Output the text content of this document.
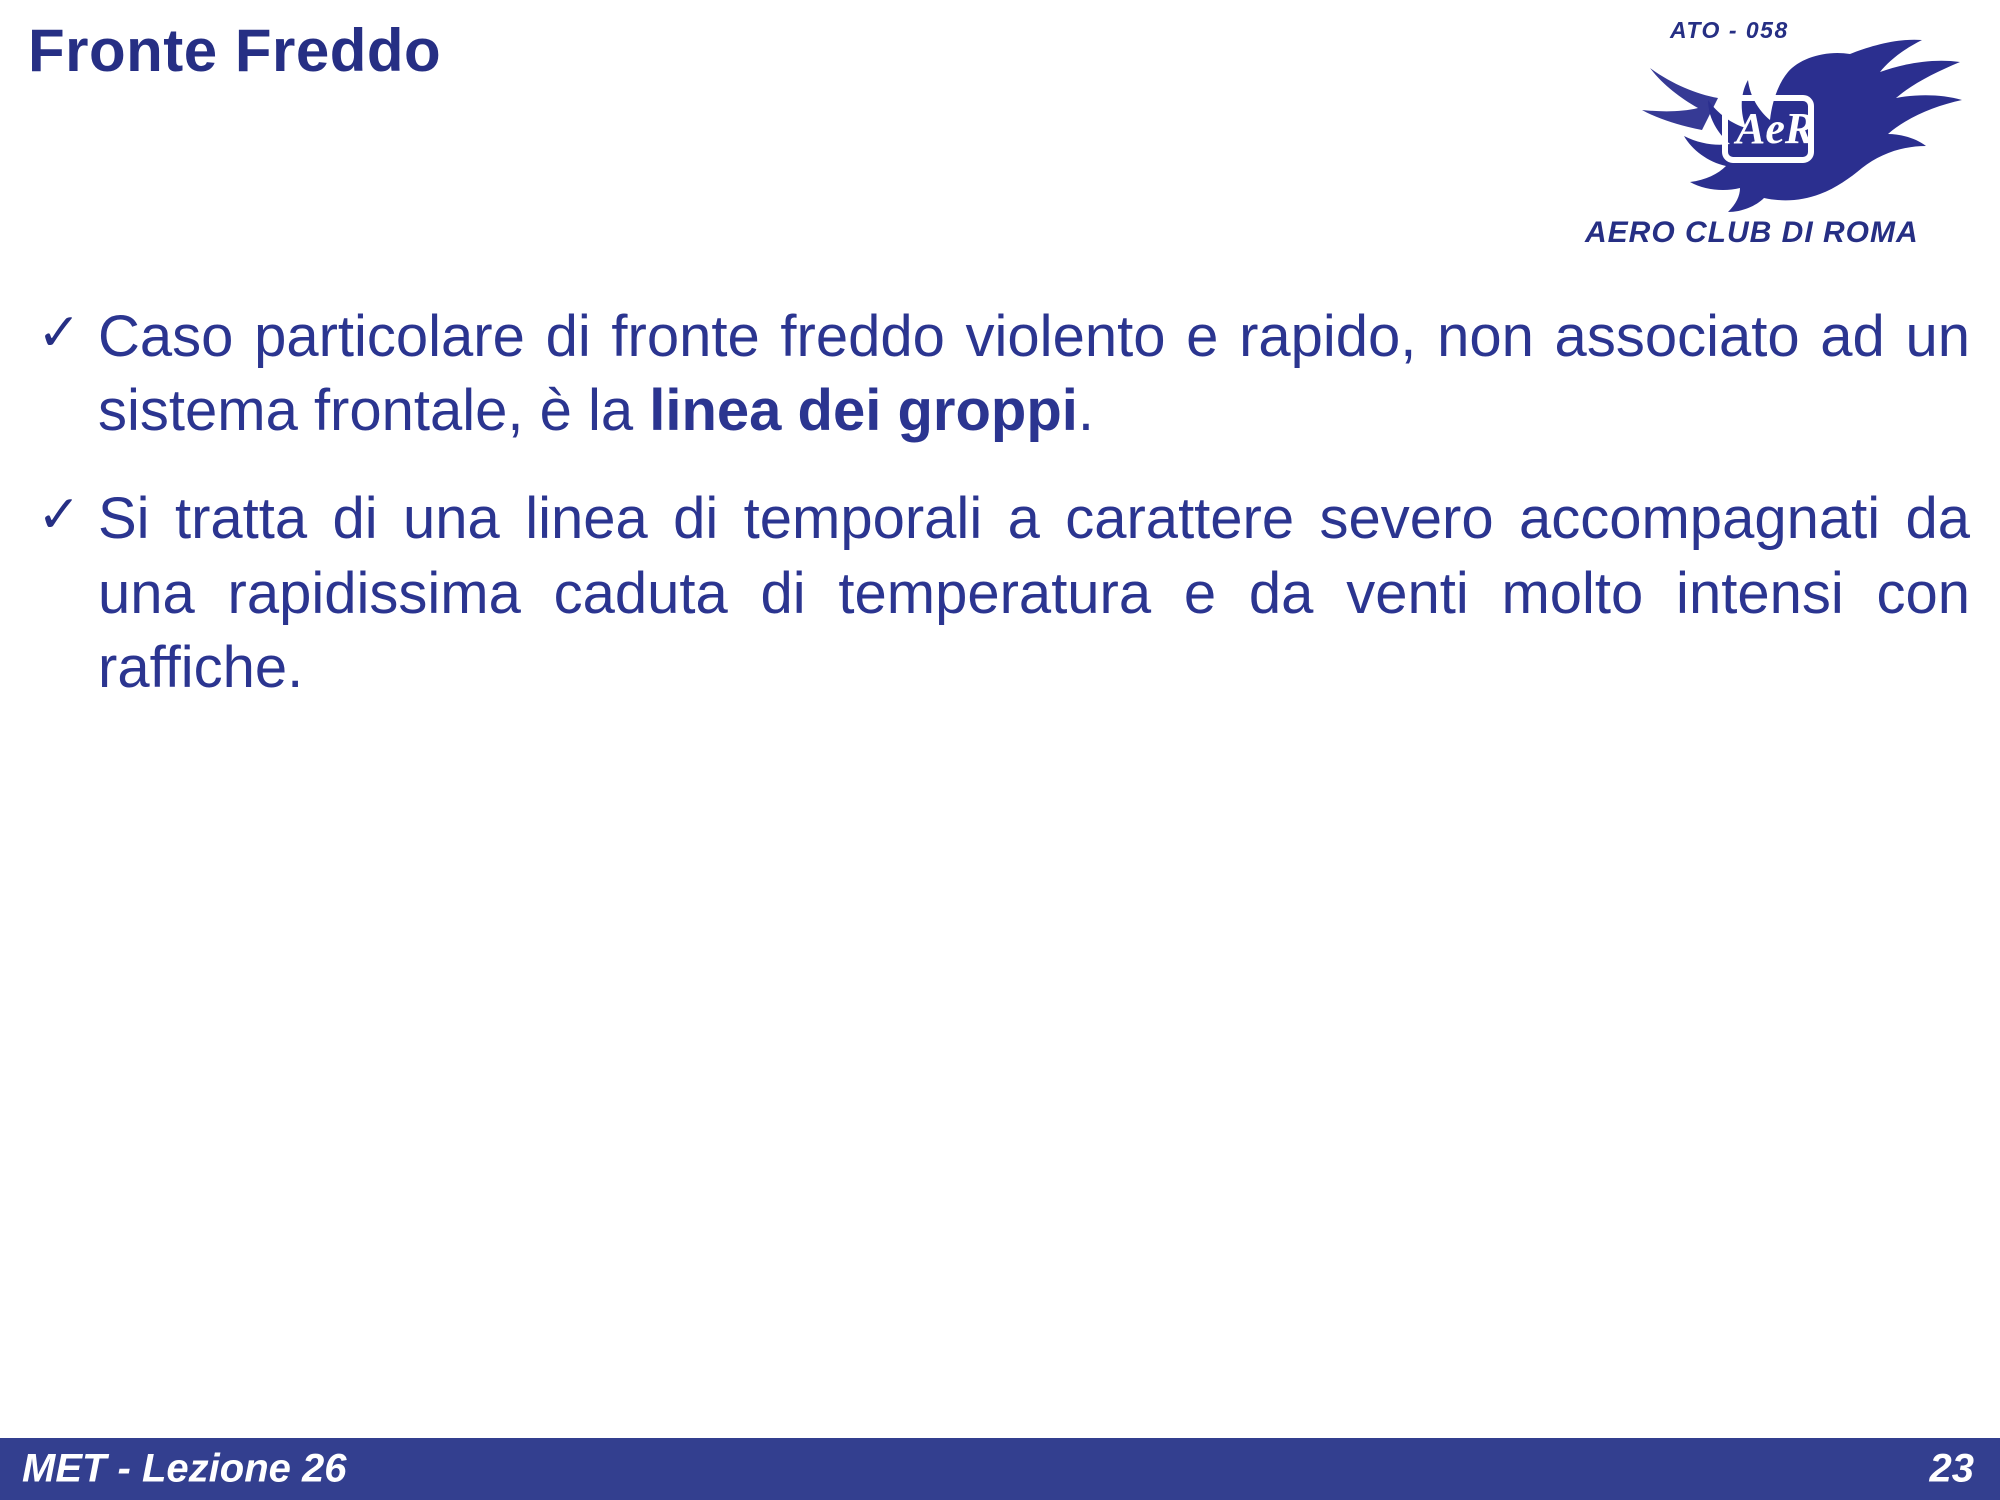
Fronte Freddo	ATO - 058
AeR
AERO CLUB DI ROMA
✓ Caso particolare di fronte freddo violento e rapido, non associato ad un sistema frontale, è la linea dei groppi.
✓ Si tratta di una linea di temporali a carattere severo accompagnati da una rapidissima caduta di temperatura e da venti molto intensi con raffiche.
MET - Lezione 26	23
